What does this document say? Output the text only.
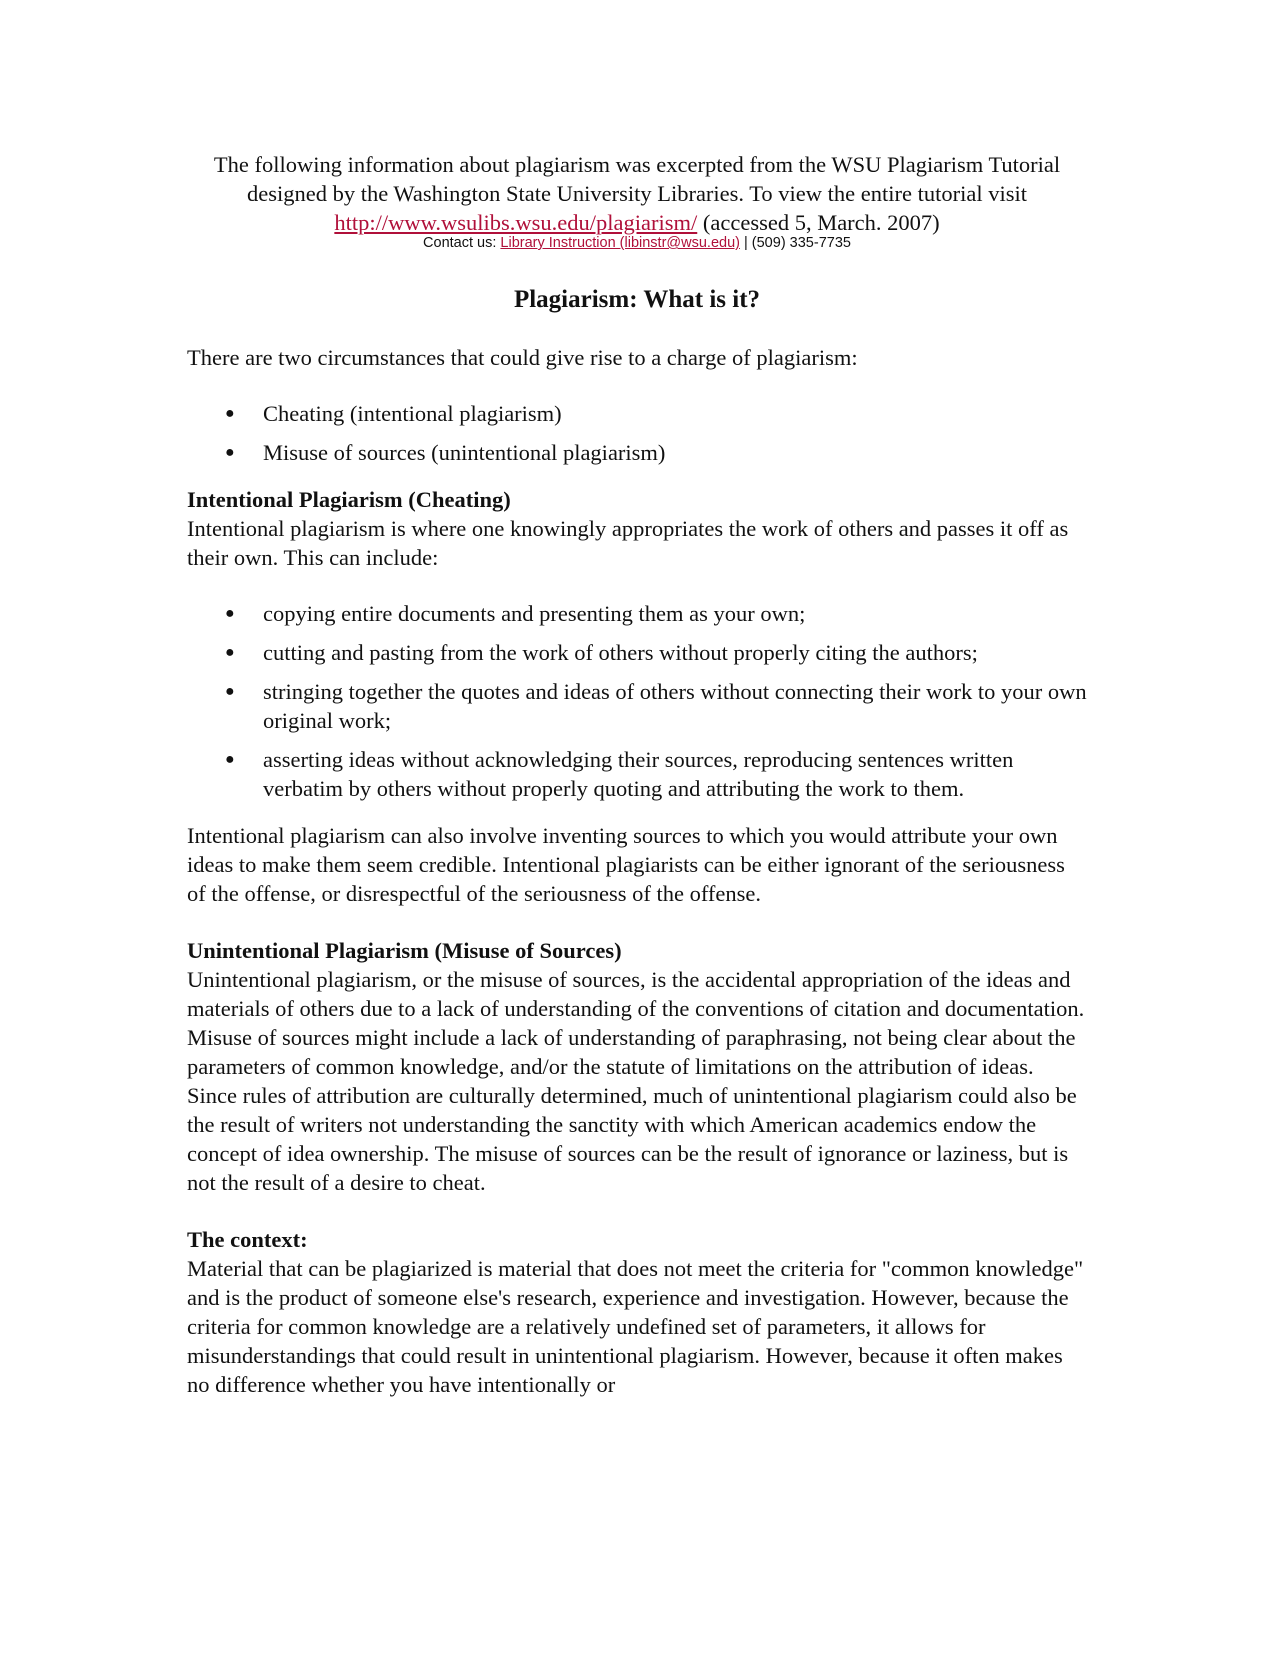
The following information about plagiarism was excerpted from the WSU Plagiarism Tutorial designed by the Washington State University Libraries. To view the entire tutorial visit http://www.wsulibs.wsu.edu/plagiarism/ (accessed 5, March. 2007)
Contact us: Library Instruction (libinstr@wsu.edu) | (509) 335-7735
Plagiarism: What is it?

There are two circumstances that could give rise to a charge of plagiarism:

● Cheating (intentional plagiarism)
● Misuse of sources (unintentional plagiarism)
Intentional Plagiarism (Cheating)

Intentional plagiarism is where one knowingly appropriates the work of others and passes it off as their own. This can include:

● copying entire documents and presenting them as your own;
● cutting and pasting from the work of others without properly citing the authors;
● stringing together the quotes and ideas of others without connecting their work to your own original work;
● asserting ideas without acknowledging their sources, reproducing sentences written verbatim by others without properly quoting and attributing the work to them.

Intentional plagiarism can also involve inventing sources to which you would attribute your own ideas to make them seem credible. Intentional plagiarists can be either ignorant of the seriousness of the offense, or disrespectful of the seriousness of the offense.

Unintentional Plagiarism (Misuse of Sources)

Unintentional plagiarism, or the misuse of sources, is the accidental appropriation of the ideas and materials of others due to a lack of understanding of the conventions of citation and documentation. Misuse of sources might include a lack of understanding of paraphrasing, not being clear about the parameters of common knowledge, and/or the statute of limitations on the attribution of ideas. Since rules of attribution are culturally determined, much of unintentional plagiarism could also be the result of writers not understanding the sanctity with which American academics endow the concept of idea ownership. The misuse of sources can be the result of ignorance or laziness, but is not the result of a desire to cheat.

The context:

Material that can be plagiarized is material that does not meet the criteria for "common knowledge" and is the product of someone else's research, experience and investigation. However, because the criteria for common knowledge are a relatively undefined set of parameters, it allows for misunderstandings that could result in unintentional plagiarism. However, because it often makes no difference whether you have intentionally or
